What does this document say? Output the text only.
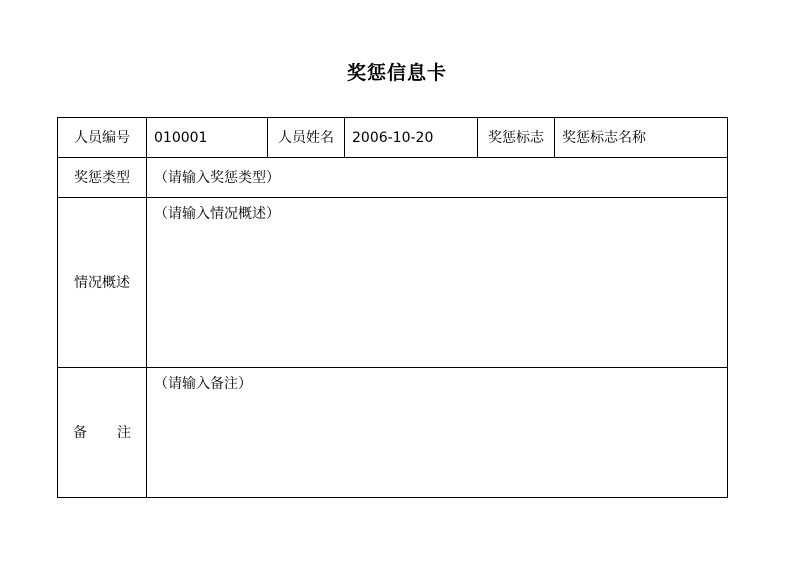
奖惩信息卡
人员编号	010001	人员姓名	2006-10-20	奖惩标志	奖惩标志名称
奖惩类型	（请输入奖惩类型）				
情况概述	（请输入情况概述）				

备 注	（请输入备注）				
